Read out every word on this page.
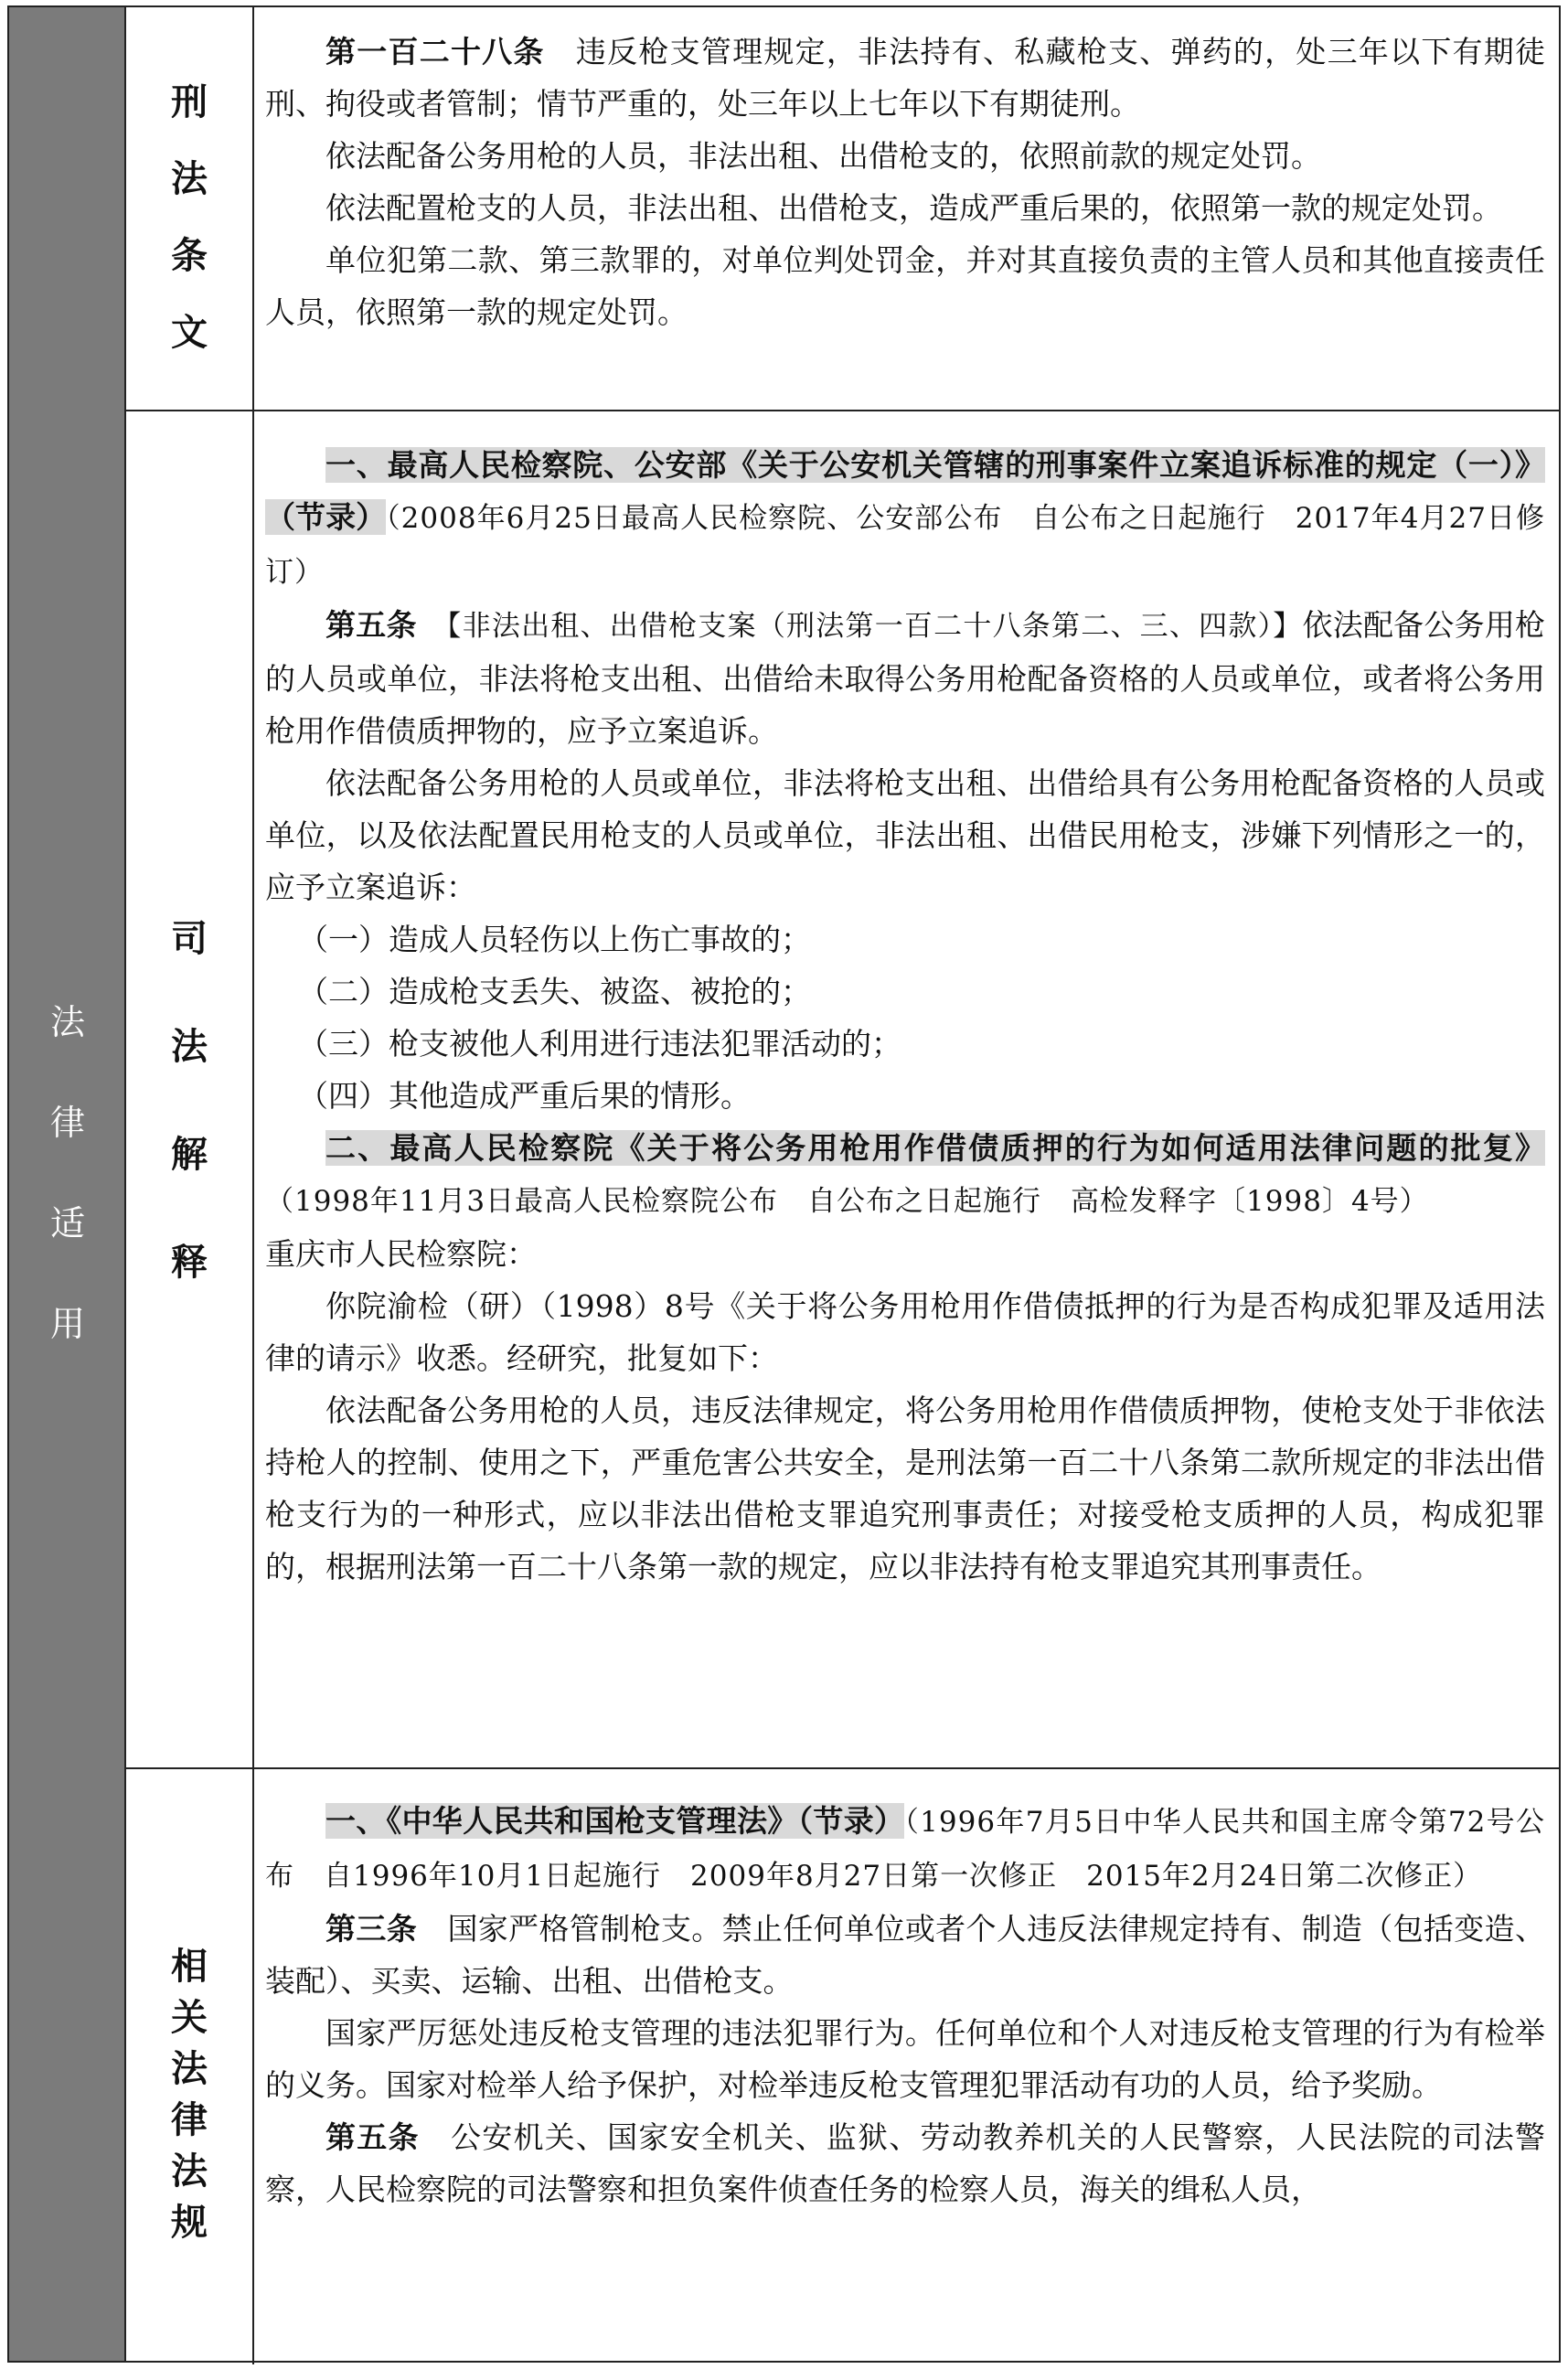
法
律
适
用
刑
法
条
文

第一百二十八条　 违反枪支管理规定，非法持有、私藏枪支、弹药的，处三年以下有期徒刑、拘役或者管制；情节严重的，处三年以上七年以下有期徒刑。

依法配备公务用枪的人员，非法出租、出借枪支的，依照前款的规定处罚。

依法配置枪支的人员，非法出租、出借枪支，造成严重后果的，依照第一款的规定处罚。

单位犯第二款、第三款罪的，对单位判处罚金，并对其直接负责的主管人员和其他直接责任人员，依照第一款的规定处罚。

司
法
解
释

一、最高人民检察院、公安部《关于公安机关管辖的刑事案件立案追诉标准的规定（一）》（节录）（2008年6月25日最高人民检察院、公安部公布　自公布之日起施行　2017年4月27日修订）

第五条　 【非法出租、出借枪支案（刑法第一百二十八条第二、三、四款）】依法配备公务用枪的人员或单位，非法将枪支出租、出借给未取得公务用枪配备资格的人员或单位，或者将公务用枪用作借债质押物的，应予立案追诉。

依法配备公务用枪的人员或单位，非法将枪支出租、出借给具有公务用枪配备资格的人员或单位，以及依法配置民用枪支的人员或单位，非法出租、出借民用枪支，涉嫌下列情形之一的，应予立案追诉：

（一）造成人员轻伤以上伤亡事故的；

（二）造成枪支丢失、被盗、被抢的；

（三）枪支被他人利用进行违法犯罪活动的；

（四）其他造成严重后果的情形。

二、最高人民检察院《关于将公务用枪用作借债质押的行为如何适用法律问题的批复》（1998年11月3日最高人民检察院公布　自公布之日起施行　高检发释字〔1998〕4号）

重庆市人民检察院：

你院渝检（研）（1998）8号《关于将公务用枪用作借债抵押的行为是否构成犯罪及适用法律的请示》收悉。经研究，批复如下：

依法配备公务用枪的人员，违反法律规定，将公务用枪用作借债质押物，使枪支处于非依法持枪人的控制、使用之下，严重危害公共安全，是刑法第一百二十八条第二款所规定的非法出借枪支行为的一种形式，应以非法出借枪支罪追究刑事责任；对接受枪支质押的人员，构成犯罪的，根据刑法第一百二十八条第一款的规定，应以非法持有枪支罪追究其刑事责任。

相
关
法
律
法
规

一、《中华人民共和国枪支管理法》（节录）（1996年7月5日中华人民共和国主席令第72号公布　自1996年10月1日起施行　2009年8月27日第一次修正　2015年2月24日第二次修正）

第三条　 国家严格管制枪支。禁止任何单位或者个人违反法律规定持有、制造（包括变造、装配）、买卖、运输、出租、出借枪支。

国家严厉惩处违反枪支管理的违法犯罪行为。任何单位和个人对违反枪支管理的行为有检举的义务。国家对检举人给予保护，对检举违反枪支管理犯罪活动有功的人员，给予奖励。

第五条　 公安机关、国家安全机关、监狱、劳动教养机关的人民警察，人民法院的司法警察，人民检察院的司法警察和担负案件侦查任务的检察人员，海关的缉私人员，
